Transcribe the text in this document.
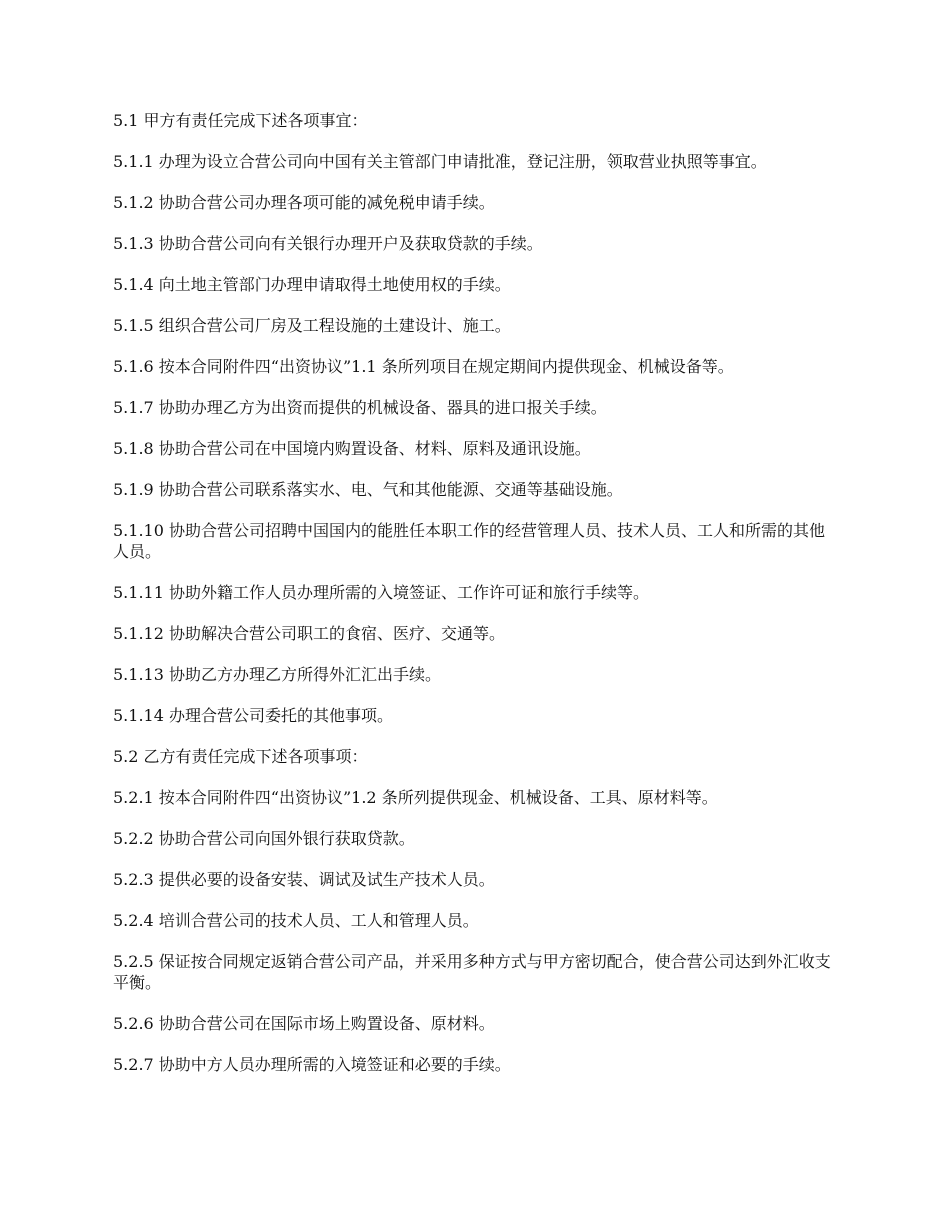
5.1 甲方有责任完成下述各项事宜：

5.1.1 办理为设立合营公司向中国有关主管部门申请批准，登记注册，领取营业执照等事宜。

5.1.2 协助合营公司办理各项可能的减免税申请手续。

5.1.3 协助合营公司向有关银行办理开户及获取贷款的手续。

5.1.4 向土地主管部门办理申请取得土地使用权的手续。

5.1.5 组织合营公司厂房及工程设施的土建设计、施工。

5.1.6 按本合同附件四“出资协议”1.1 条所列项目在规定期间内提供现金、机械设备等。

5.1.7 协助办理乙方为出资而提供的机械设备、器具的进口报关手续。

5.1.8 协助合营公司在中国境内购置设备、材料、原料及通讯设施。

5.1.9 协助合营公司联系落实水、电、气和其他能源、交通等基础设施。

5.1.10 协助合营公司招聘中国国内的能胜任本职工作的经营管理人员、技术人员、工人和所需的其他人员。

5.1.11 协助外籍工作人员办理所需的入境签证、工作许可证和旅行手续等。

5.1.12 协助解决合营公司职工的食宿、医疗、交通等。

5.1.13 协助乙方办理乙方所得外汇汇出手续。

5.1.14 办理合营公司委托的其他事项。

5.2 乙方有责任完成下述各项事项：

5.2.1 按本合同附件四“出资协议”1.2 条所列提供现金、机械设备、工具、原材料等。

5.2.2 协助合营公司向国外银行获取贷款。

5.2.3 提供必要的设备安装、调试及试生产技术人员。

5.2.4 培训合营公司的技术人员、工人和管理人员。

5.2.5 保证按合同规定返销合营公司产品，并采用多种方式与甲方密切配合，使合营公司达到外汇收支平衡。

5.2.6 协助合营公司在国际市场上购置设备、原材料。

5.2.7 协助中方人员办理所需的入境签证和必要的手续。
